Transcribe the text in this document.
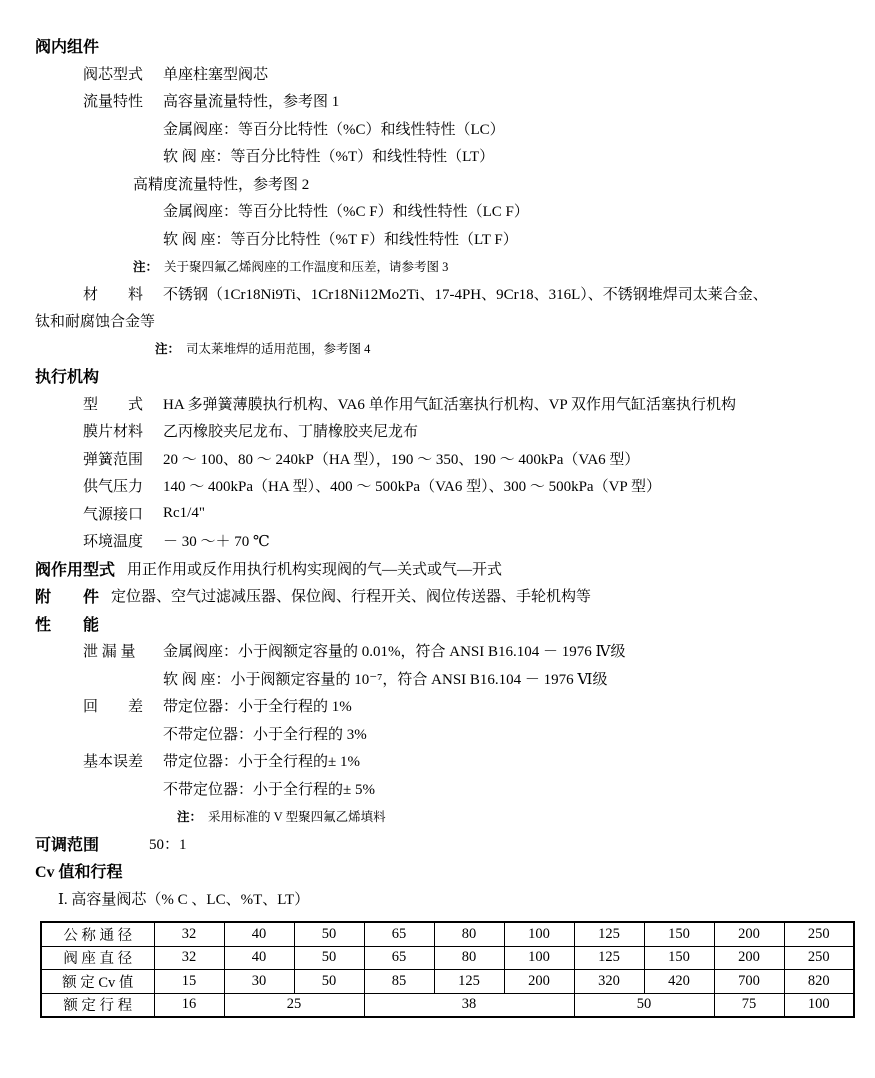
阀内组件
阀芯型式 单座柱塞型阀芯
流量特性 高容量流量特性，参考图 1
金属阀座：等百分比特性（%C）和线性特性（LC）
软 阀 座：等百分比特性（%T）和线性特性（LT）
高精度流量特性，参考图 2
金属阀座：等百分比特性（%C F）和线性特性（LC F）
软 阀 座：等百分比特性（%T F）和线性特性（LT F）
注： 关于聚四氟乙烯阀座的工作温度和压差，请参考图 3
材　　料 不锈钢（1Cr18Ni9Ti、1Cr18Ni12Mo2Ti、17-4PH、9Cr18、316L）、不锈钢堆焊司太莱合金、
钛和耐腐蚀合金等
注： 司太莱堆焊的适用范围，参考图 4
执行机构
型　　式 HA 多弹簧薄膜执行机构、VA6 单作用气缸活塞执行机构、VP 双作用气缸活塞执行机构
膜片材料 乙丙橡胶夹尼龙布、丁腈橡胶夹尼龙布
弹簧范围 20 ～ 100、80 ～ 240kP（HA 型），190 ～ 350、190 ～ 400kPa（VA6 型）
供气压力 140 ～ 400kPa（HA 型）、400 ～ 500kPa（VA6 型）、300 ～ 500kPa（VP 型）
气源接口 Rc1/4"
环境温度 － 30 ～＋ 70 ℃
阀作用型式 用正作用或反作用执行机构实现阀的气—关式或气—开式
附　　件 定位器、空气过滤减压器、保位阀、行程开关、阀位传送器、手轮机构等
性　　能
泄 漏 量	金属阀座：小于阀额定容量的 0.01%，符合 ANSI B16.104 － 1976 Ⅳ级
软 阀 座：小于阀额定容量的 10⁻⁷，符合 ANSI B16.104 － 1976 Ⅵ级
回　　差 带定位器：小于全行程的 1%
不带定位器：小于全行程的 3%
基本误差 带定位器：小于全行程的± 1%
不带定位器：小于全行程的± 5%
注： 采用标准的 V 型聚四氟乙烯填料
可调范围	50：1
Cv 值和行程
Ⅰ. 高容量阀芯（% C 、LC、%T、LT）
公 称 通 径	32	40	50	65	80	100	125	150	200	250
阀 座 直 径	32	40	50	65	80	100	125	150	200	250
额 定 Cv 值	15	30	50	85	125	200	320	420	700	820
额 定 行 程	16	25		38			50		75	100
